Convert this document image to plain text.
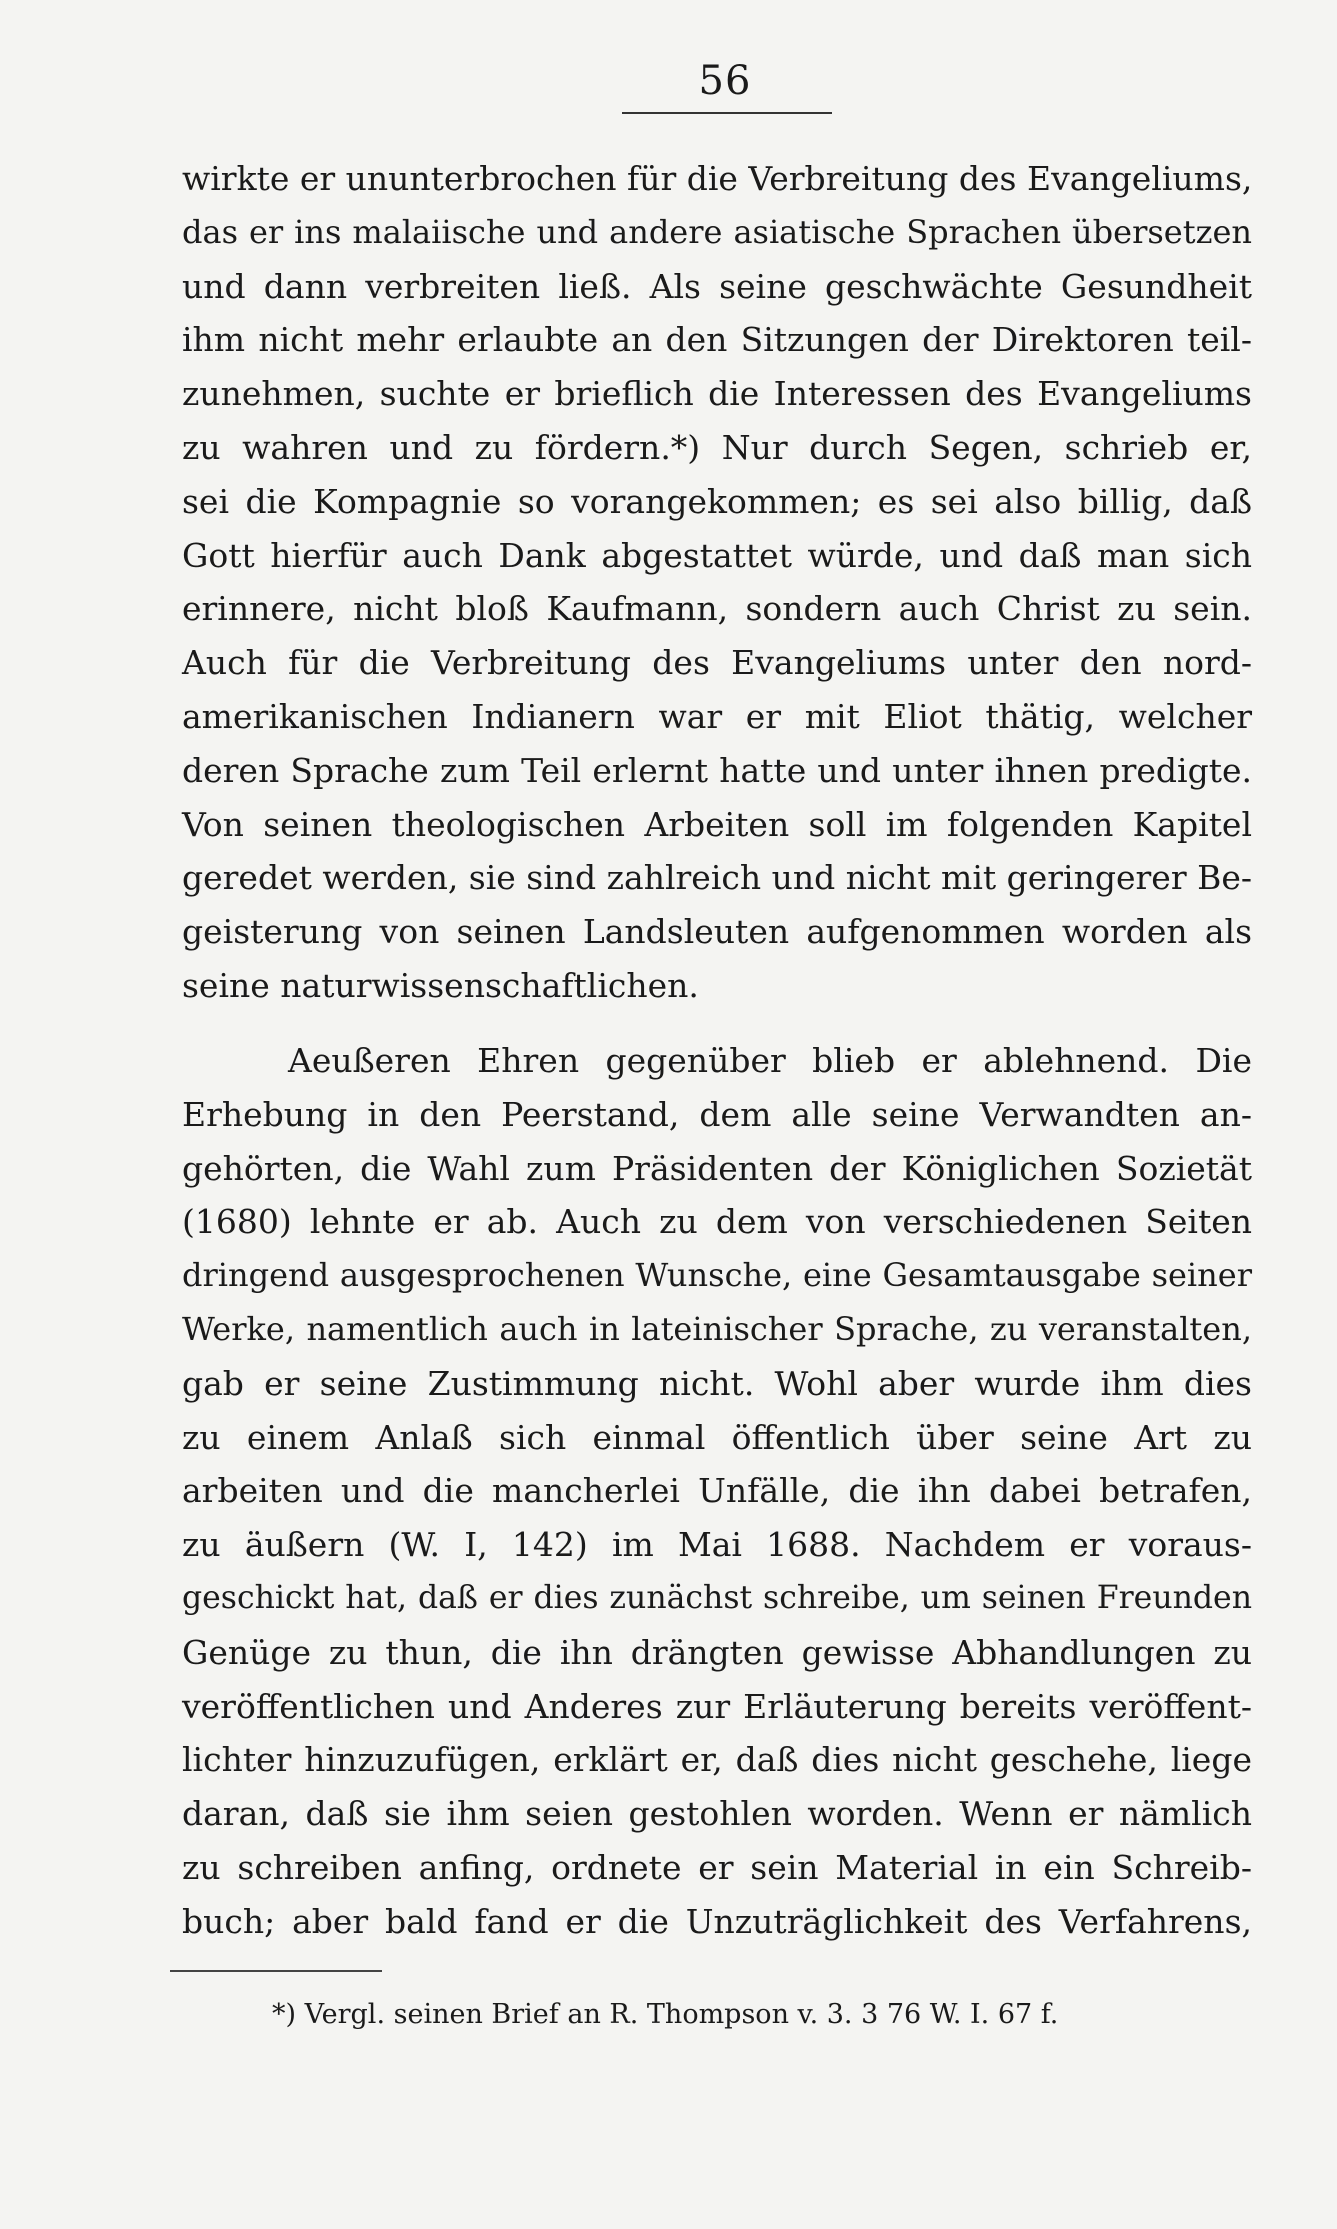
56
wirkte er ununterbrochen für die Verbreitung des Evangeliums,
das er ins malaiische und andere asiatische Sprachen übersetzen
und dann verbreiten ließ. Als seine geschwächte Gesundheit
ihm nicht mehr erlaubte an den Sitzungen der Direktoren teil-
zunehmen, suchte er brieflich die Interessen des Evangeliums
zu wahren und zu fördern.*) Nur durch Segen, schrieb er,
sei die Kompagnie so vorangekommen; es sei also billig, daß
Gott hierfür auch Dank abgestattet würde, und daß man sich
erinnere, nicht bloß Kaufmann, sondern auch Christ zu sein.
Auch für die Verbreitung des Evangeliums unter den nord-
amerikanischen Indianern war er mit Eliot thätig, welcher
deren Sprache zum Teil erlernt hatte und unter ihnen predigte.
Von seinen theologischen Arbeiten soll im folgenden Kapitel
geredet werden, sie sind zahlreich und nicht mit geringerer Be-
geisterung von seinen Landsleuten aufgenommen worden als
seine naturwissenschaftlichen.
Aeußeren Ehren gegenüber blieb er ablehnend. Die
Erhebung in den Peerstand, dem alle seine Verwandten an-
gehörten, die Wahl zum Präsidenten der Königlichen Sozietät
(1680) lehnte er ab. Auch zu dem von verschiedenen Seiten
dringend ausgesprochenen Wunsche, eine Gesamtausgabe seiner
Werke, namentlich auch in lateinischer Sprache, zu veranstalten,
gab er seine Zustimmung nicht. Wohl aber wurde ihm dies
zu einem Anlaß sich einmal öffentlich über seine Art zu
arbeiten und die mancherlei Unfälle, die ihn dabei betrafen,
zu äußern (W. I, 142) im Mai 1688. Nachdem er voraus-
geschickt hat, daß er dies zunächst schreibe, um seinen Freunden
Genüge zu thun, die ihn drängten gewisse Abhandlungen zu
veröffentlichen und Anderes zur Erläuterung bereits veröffent-
lichter hinzuzufügen, erklärt er, daß dies nicht geschehe, liege
daran, daß sie ihm seien gestohlen worden. Wenn er nämlich
zu schreiben anfing, ordnete er sein Material in ein Schreib-
buch; aber bald fand er die Unzuträglichkeit des Verfahrens,
*) Vergl. seinen Brief an R. Thompson v. 3. 3 76 W. I. 67 f.
